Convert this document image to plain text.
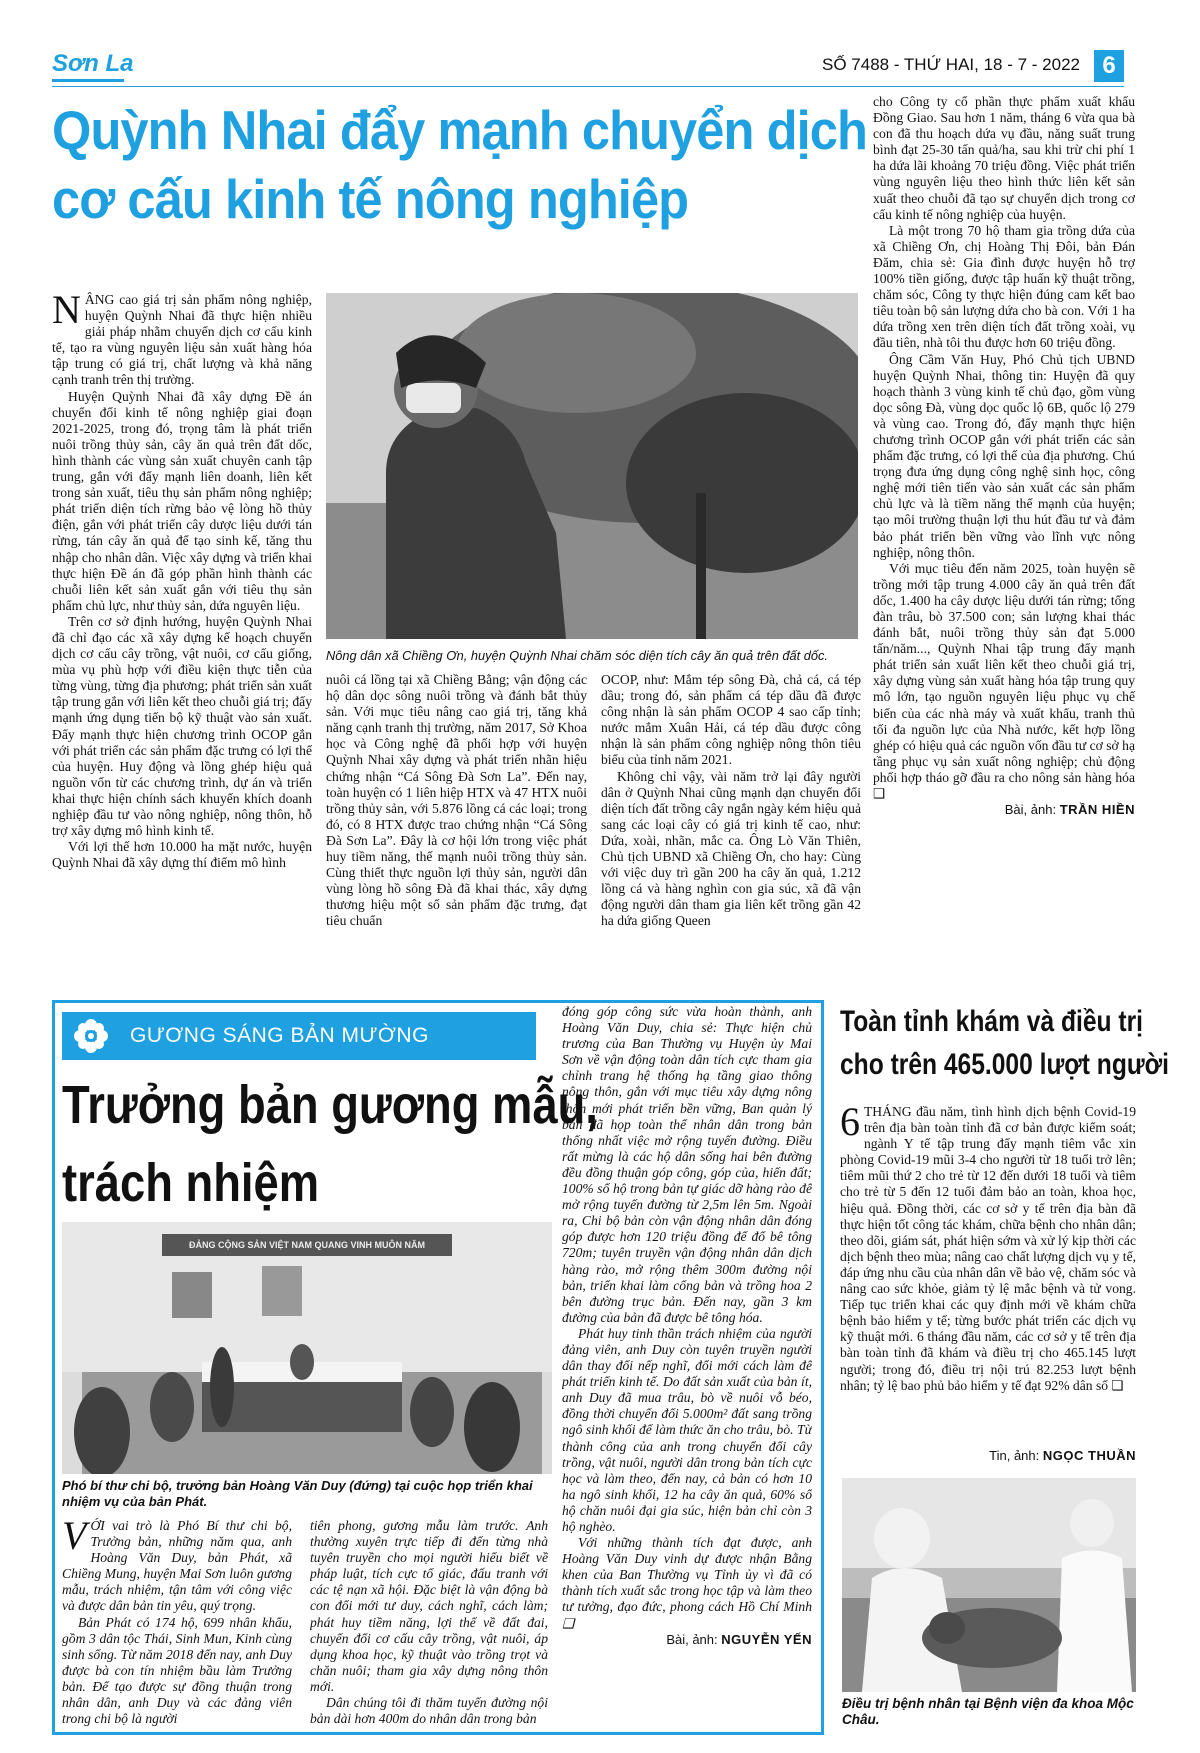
Sơn La	SỐ 7488 - THỨ HAI, 18 - 7 - 2022 6
Quỳnh Nhai đẩy mạnh chuyển dịch
cơ cấu kinh tế nông nghiệp

NÂNG cao giá trị sản phẩm nông nghiệp, huyện Quỳnh Nhai đã thực hiện nhiều giải pháp nhằm chuyển dịch cơ cấu kinh tế, tạo ra vùng nguyên liệu sản xuất hàng hóa tập trung có giá trị, chất lượng và khả năng cạnh tranh trên thị trường.

Huyện Quỳnh Nhai đã xây dựng Đề án chuyển đổi kinh tế nông nghiệp giai đoạn 2021-2025, trong đó, trọng tâm là phát triển nuôi trồng thủy sản, cây ăn quả trên đất dốc, hình thành các vùng sản xuất chuyên canh tập trung, gắn với đẩy mạnh liên doanh, liên kết trong sản xuất, tiêu thụ sản phẩm nông nghiệp; phát triển diện tích rừng bảo vệ lòng hồ thủy điện, gắn với phát triển cây dược liệu dưới tán rừng, tán cây ăn quả để tạo sinh kế, tăng thu nhập cho nhân dân. Việc xây dựng và triển khai thực hiện Đề án đã góp phần hình thành các chuỗi liên kết sản xuất gắn với tiêu thụ sản phẩm chủ lực, như thủy sản, dứa nguyên liệu.

Trên cơ sở định hướng, huyện Quỳnh Nhai đã chỉ đạo các xã xây dựng kế hoạch chuyển dịch cơ cấu cây trồng, vật nuôi, cơ cấu giống, mùa vụ phù hợp với điều kiện thực tiễn của từng vùng, từng địa phương; phát triển sản xuất tập trung gắn với liên kết theo chuỗi giá trị; đẩy mạnh ứng dụng tiến bộ kỹ thuật vào sản xuất. Đẩy mạnh thực hiện chương trình OCOP gắn với phát triển các sản phẩm đặc trưng có lợi thế của huyện. Huy động và lồng ghép hiệu quả nguồn vốn từ các chương trình, dự án và triển khai thực hiện chính sách khuyến khích doanh nghiệp đầu tư vào nông nghiệp, nông thôn, hỗ trợ xây dựng mô hình kinh tế.

Với lợi thế hơn 10.000 ha mặt nước, huyện Quỳnh Nhai đã xây dựng thí điểm mô hình

Nông dân xã Chiềng Ơn, huyện Quỳnh Nhai chăm sóc diện tích cây ăn quả trên đất dốc.

nuôi cá lồng tại xã Chiềng Bằng; vận động các hộ dân dọc sông nuôi trồng và đánh bắt thủy sản. Với mục tiêu nâng cao giá trị, tăng khả năng cạnh tranh thị trường, năm 2017, Sở Khoa học và Công nghệ đã phối hợp với huyện Quỳnh Nhai xây dựng và phát triển nhãn hiệu chứng nhận “Cá Sông Đà Sơn La”. Đến nay, toàn huyện có 1 liên hiệp HTX và 47 HTX nuôi trồng thủy sản, với 5.876 lồng cá các loại; trong đó, có 8 HTX được trao chứng nhận “Cá Sông Đà Sơn La”. Đây là cơ hội lớn trong việc phát huy tiềm năng, thế mạnh nuôi trồng thủy sản. Cùng thiết thực nguồn lợi thủy sản, người dân vùng lòng hồ sông Đà đã khai thác, xây dựng thương hiệu một số sản phẩm đặc trưng, đạt tiêu chuẩn

OCOP, như: Mắm tép sông Đà, chả cá, cá tép dầu; trong đó, sản phẩm cá tép dầu đã được công nhận là sản phẩm OCOP 4 sao cấp tỉnh; nước mắm Xuân Hải, cá tép dầu được công nhận là sản phẩm công nghiệp nông thôn tiêu biểu của tỉnh năm 2021.

Không chỉ vậy, vài năm trở lại đây người dân ở Quỳnh Nhai cũng mạnh dạn chuyển đổi diện tích đất trồng cây ngắn ngày kém hiệu quả sang các loại cây có giá trị kinh tế cao, như: Dứa, xoài, nhãn, mắc ca. Ông Lò Văn Thiên, Chủ tịch UBND xã Chiềng Ơn, cho hay: Cùng với việc duy trì gần 200 ha cây ăn quả, 1.212 lồng cá và hàng nghìn con gia súc, xã đã vận động người dân tham gia liên kết trồng gần 42 ha dứa giống Queen

cho Công ty cổ phần thực phẩm xuất khẩu Đồng Giao. Sau hơn 1 năm, tháng 6 vừa qua bà con đã thu hoạch dứa vụ đầu, năng suất trung bình đạt 25-30 tấn quả/ha, sau khi trừ chi phí 1 ha dứa lãi khoảng 70 triệu đồng. Việc phát triển vùng nguyên liệu theo hình thức liên kết sản xuất theo chuỗi đã tạo sự chuyển dịch trong cơ cấu kinh tế nông nghiệp của huyện.

Là một trong 70 hộ tham gia trồng dứa của xã Chiềng Ơn, chị Hoàng Thị Đôi, bản Đán Đăm, chia sẻ: Gia đình được huyện hỗ trợ 100% tiền giống, được tập huấn kỹ thuật trồng, chăm sóc, Công ty thực hiện đúng cam kết bao tiêu toàn bộ sản lượng dứa cho bà con. Với 1 ha dứa trồng xen trên diện tích đất trồng xoài, vụ đầu tiên, nhà tôi thu được hơn 60 triệu đồng.

Ông Cầm Văn Huy, Phó Chủ tịch UBND huyện Quỳnh Nhai, thông tin: Huyện đã quy hoạch thành 3 vùng kinh tế chủ đạo, gồm vùng dọc sông Đà, vùng dọc quốc lộ 6B, quốc lộ 279 và vùng cao. Trong đó, đẩy mạnh thực hiện chương trình OCOP gắn với phát triển các sản phẩm đặc trưng, có lợi thế của địa phương. Chú trọng đưa ứng dụng công nghệ sinh học, công nghệ mới tiên tiến vào sản xuất các sản phẩm chủ lực và là tiềm năng thế mạnh của huyện; tạo môi trường thuận lợi thu hút đầu tư và đảm bảo phát triển bền vững vào lĩnh vực nông nghiệp, nông thôn.

Với mục tiêu đến năm 2025, toàn huyện sẽ trồng mới tập trung 4.000 cây ăn quả trên đất dốc, 1.400 ha cây dược liệu dưới tán rừng; tổng đàn trâu, bò 37.500 con; sản lượng khai thác đánh bắt, nuôi trồng thủy sản đạt 5.000 tấn/năm..., Quỳnh Nhai tập trung đẩy mạnh phát triển sản xuất liên kết theo chuỗi giá trị, xây dựng vùng sản xuất hàng hóa tập trung quy mô lớn, tạo nguồn nguyên liệu phục vụ chế biến của các nhà máy và xuất khẩu, tranh thủ tối đa nguồn lực của Nhà nước, kết hợp lồng ghép có hiệu quả các nguồn vốn đầu tư cơ sở hạ tầng phục vụ sản xuất nông nghiệp; chủ động phối hợp tháo gỡ đầu ra cho nông sản hàng hóa ❑

Bài, ảnh: TRẦN HIỀN
GƯƠNG SÁNG BẢN MƯỜNG
Trưởng bản gương mẫu,
trách nhiệm
ĐẢNG CỘNG SẢN VIỆT NAM QUANG VINH MUÔN NĂM
Phó bí thư chi bộ, trưởng bản Hoàng Văn Duy (đứng) tại cuộc họp triển khai nhiệm vụ của bản Phát.

VỚI vai trò là Phó Bí thư chi bộ, Trưởng bản, những năm qua, anh Hoàng Văn Duy, bản Phát, xã Chiềng Mung, huyện Mai Sơn luôn gương mẫu, trách nhiệm, tận tâm với công việc và được dân bản tin yêu, quý trọng.

Bản Phát có 174 hộ, 699 nhân khẩu, gồm 3 dân tộc Thái, Sinh Mun, Kinh cùng sinh sống. Từ năm 2018 đến nay, anh Duy được bà con tín nhiệm bầu làm Trưởng bản. Để tạo được sự đồng thuận trong nhân dân, anh Duy và các đảng viên trong chi bộ là người

tiên phong, gương mẫu làm trước. Anh thường xuyên trực tiếp đi đến từng nhà tuyên truyền cho mọi người hiểu biết về pháp luật, tích cực tố giác, đấu tranh với các tệ nạn xã hội. Đặc biệt là vận động bà con đổi mới tư duy, cách nghĩ, cách làm; phát huy tiềm năng, lợi thế về đất đai, chuyển đổi cơ cấu cây trồng, vật nuôi, áp dụng khoa học, kỹ thuật vào trồng trọt và chăn nuôi; tham gia xây dựng nông thôn mới.

Dân chúng tôi đi thăm tuyến đường nội bản dài hơn 400m do nhân dân trong bản

đóng góp công sức vừa hoàn thành, anh Hoàng Văn Duy, chia sẻ: Thực hiện chủ trương của Ban Thường vụ Huyện ủy Mai Sơn về vận động toàn dân tích cực tham gia chỉnh trang hệ thống hạ tầng giao thông nông thôn, gắn với mục tiêu xây dựng nông thôn mới phát triển bền vững, Ban quản lý bản đã họp toàn thể nhân dân trong bản thống nhất việc mở rộng tuyến đường. Điều rất mừng là các hộ dân sống hai bên đường đều đồng thuận góp công, góp của, hiến đất; 100% số hộ trong bản tự giác dỡ hàng rào để mở rộng tuyến đường từ 2,5m lên 5m. Ngoài ra, Chi bộ bản còn vận động nhân dân đóng góp được hơn 120 triệu đồng để đổ bê tông 720m; tuyên truyền vận động nhân dân dịch hàng rào, mở rộng thêm 300m đường nội bản, triển khai làm cổng bản và trồng hoa 2 bên đường trục bản. Đến nay, gần 3 km đường của bản đã được bê tông hóa.

Phát huy tinh thần trách nhiệm của người đảng viên, anh Duy còn tuyên truyền người dân thay đổi nếp nghĩ, đổi mới cách làm để phát triển kinh tế. Do đất sản xuất của bản ít, anh Duy đã mua trâu, bò về nuôi vỗ béo, đồng thời chuyển đổi 5.000m² đất sang trồng ngô sinh khối để làm thức ăn cho trâu, bò. Từ thành công của anh trong chuyển đổi cây trồng, vật nuôi, người dân trong bản tích cực học và làm theo, đến nay, cả bản có hơn 10 ha ngô sinh khối, 12 ha cây ăn quả, 60% số hộ chăn nuôi đại gia súc, hiện bản chỉ còn 3 hộ nghèo.

Với những thành tích đạt được, anh Hoàng Văn Duy vinh dự được nhận Bằng khen của Ban Thường vụ Tỉnh ủy vì đã có thành tích xuất sắc trong học tập và làm theo tư tưởng, đạo đức, phong cách Hồ Chí Minh ❑

Bài, ảnh: NGUYỄN YẾN
Toàn tỉnh khám và điều trị
cho trên 465.000 lượt người

6 THÁNG đầu năm, tình hình dịch bệnh Covid-19 trên địa bàn toàn tỉnh đã cơ bản được kiểm soát; ngành Y tế tập trung đẩy mạnh tiêm vắc xin phòng Covid-19 mũi 3-4 cho người từ 18 tuổi trở lên; tiêm mũi thứ 2 cho trẻ từ 12 đến dưới 18 tuổi và tiêm cho trẻ từ 5 đến 12 tuổi đảm bảo an toàn, khoa học, hiệu quả. Đồng thời, các cơ sở y tế trên địa bàn đã thực hiện tốt công tác khám, chữa bệnh cho nhân dân; theo dõi, giám sát, phát hiện sớm và xử lý kịp thời các dịch bệnh theo mùa; nâng cao chất lượng dịch vụ y tế, đáp ứng nhu cầu của nhân dân về bảo vệ, chăm sóc và nâng cao sức khỏe, giảm tỷ lệ mắc bệnh và tử vong. Tiếp tục triển khai các quy định mới về khám chữa bệnh bảo hiểm y tế; từng bước phát triển các dịch vụ kỹ thuật mới. 6 tháng đầu năm, các cơ sở y tế trên địa bàn toàn tỉnh đã khám và điều trị cho 465.145 lượt người; trong đó, điều trị nội trú 82.253 lượt bệnh nhân; tỷ lệ bao phủ bảo hiểm y tế đạt 92% dân số ❑

Tin, ảnh: NGỌC THUẦN
Điều trị bệnh nhân tại Bệnh viện đa khoa Mộc Châu.
